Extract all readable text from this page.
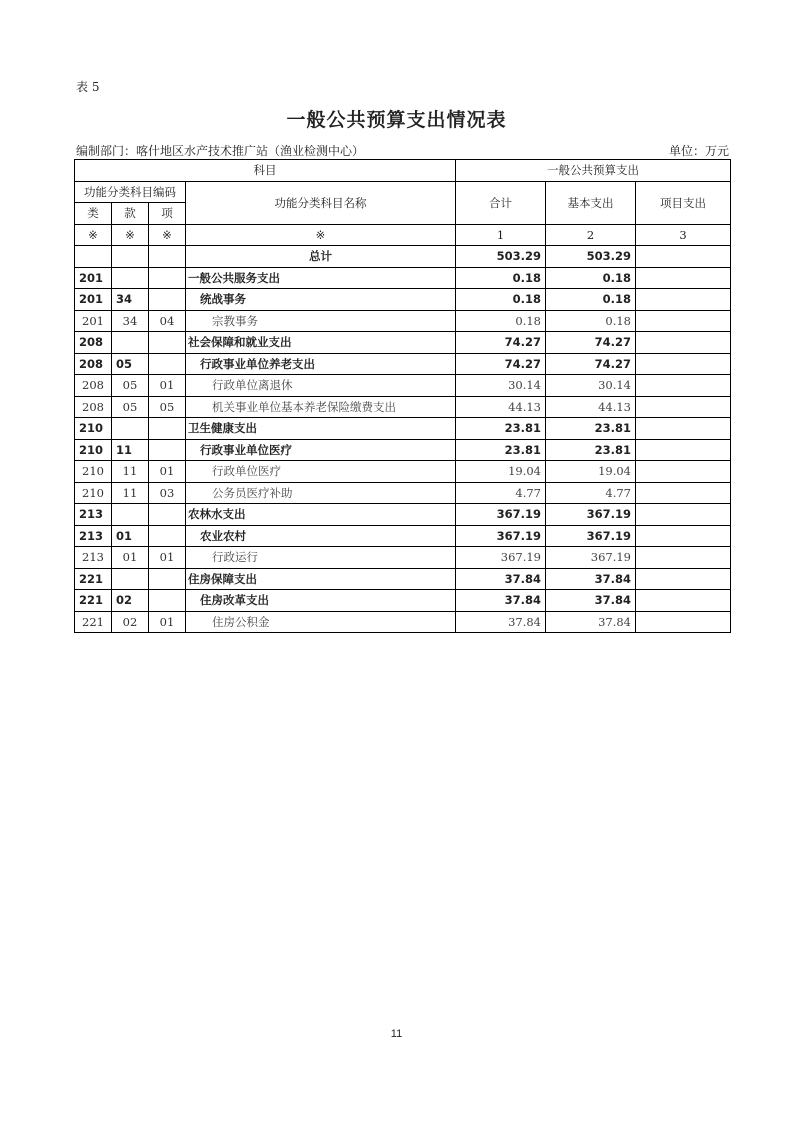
表 5
一般公共预算支出情况表
编制部门：喀什地区水产技术推广站（渔业检测中心）	单位：万元
科目				一般公共预算支出		
功能分类科目编码			功能分类科目名称	合计	基本支出	项目支出
类	款	项				
※	※	※	※	1	2	3
			总计	503.29	503.29	
201			一般公共服务支出	0.18	0.18	
201	34		统战事务	0.18	0.18	
201	34	04	宗教事务	0.18	0.18	
208			社会保障和就业支出	74.27	74.27	
208	05		行政事业单位养老支出	74.27	74.27	
208	05	01	行政单位离退休	30.14	30.14	
208	05	05	机关事业单位基本养老保险缴费支出	44.13	44.13	
210			卫生健康支出	23.81	23.81	
210	11		行政事业单位医疗	23.81	23.81	
210	11	01	行政单位医疗	19.04	19.04	
210	11	03	公务员医疗补助	4.77	4.77	
213			农林水支出	367.19	367.19	
213	01		农业农村	367.19	367.19	
213	01	01	行政运行	367.19	367.19	
221			住房保障支出	37.84	37.84	
221	02		住房改革支出	37.84	37.84	
221	02	01	住房公积金	37.84	37.84	
11
